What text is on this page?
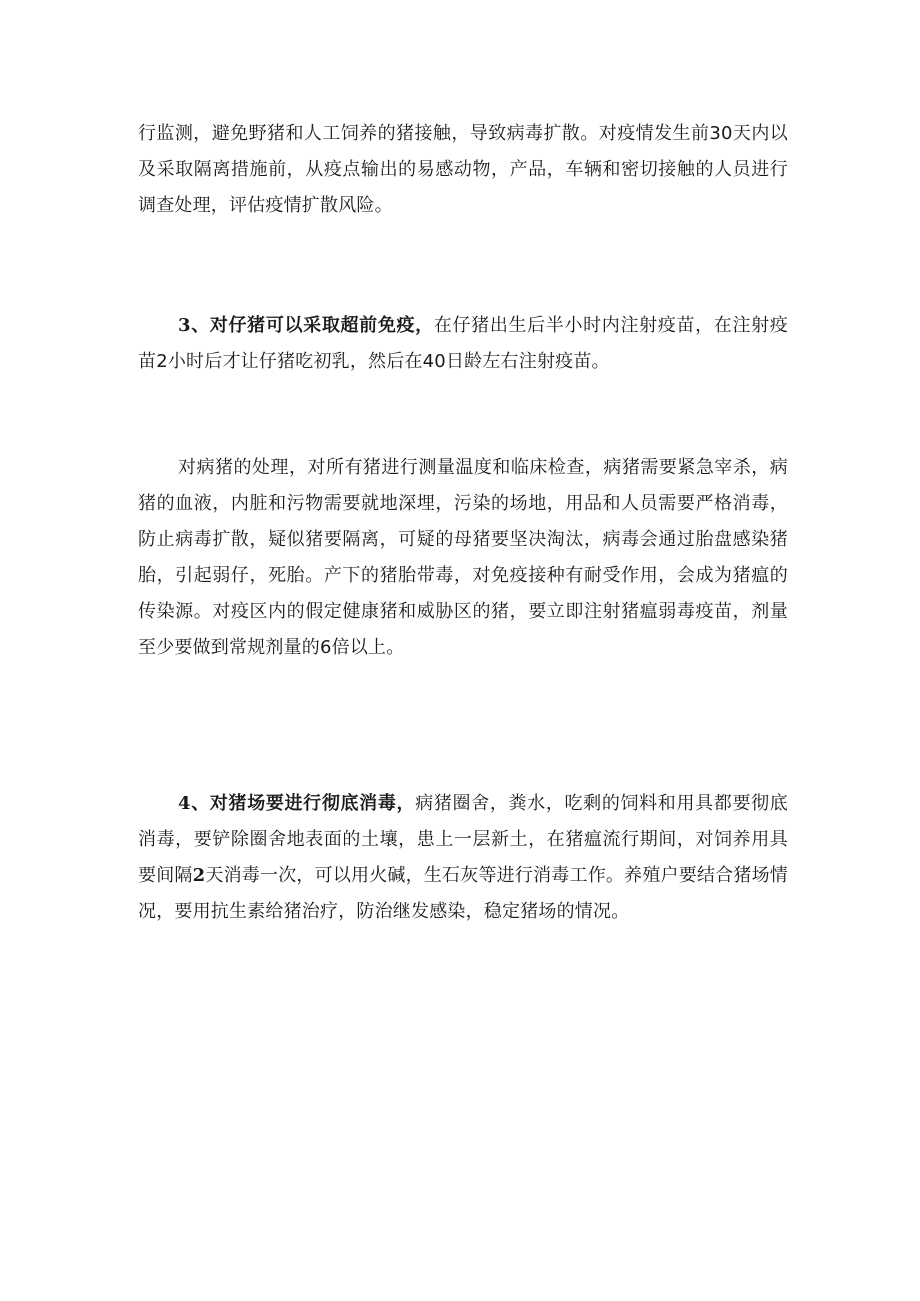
行监测，避免野猪和人工饲养的猪接触，导致病毒扩散。对疫情发生前30天内以及采取隔离措施前，从疫点输出的易感动物，产品，车辆和密切接触的人员进行调查处理，评估疫情扩散风险。

3、对仔猪可以采取超前免疫，在仔猪出生后半小时内注射疫苗，在注射疫苗2小时后才让仔猪吃初乳，然后在40日龄左右注射疫苗。

对病猪的处理，对所有猪进行测量温度和临床检查，病猪需要紧急宰杀，病猪的血液，内脏和污物需要就地深埋，污染的场地，用品和人员需要严格消毒，防止病毒扩散，疑似猪要隔离，可疑的母猪要坚决淘汰，病毒会通过胎盘感染猪胎，引起弱仔，死胎。产下的猪胎带毒，对免疫接种有耐受作用，会成为猪瘟的传染源。对疫区内的假定健康猪和威胁区的猪，要立即注射猪瘟弱毒疫苗，剂量至少要做到常规剂量的6倍以上。

4、对猪场要进行彻底消毒，病猪圈舍，粪水，吃剩的饲料和用具都要彻底消毒，要铲除圈舍地表面的土壤，患上一层新土，在猪瘟流行期间，对饲养用具要间隔2天消毒一次，可以用火碱，生石灰等进行消毒工作。养殖户要结合猪场情况，要用抗生素给猪治疗，防治继发感染，稳定猪场的情况。
